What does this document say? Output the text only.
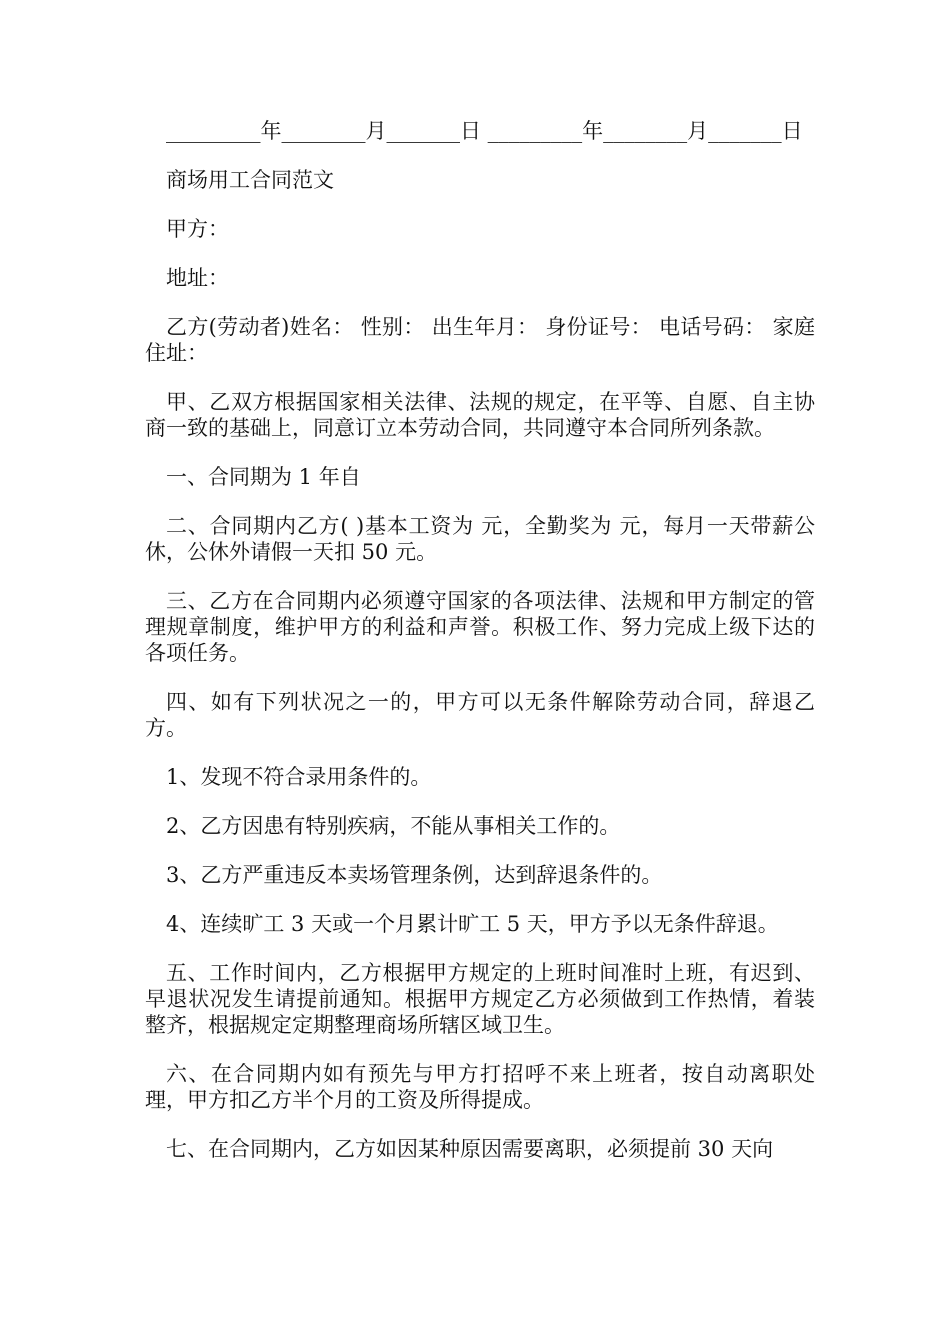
_________年________月_______日 _________年________月_______日

商场用工合同范文

甲方：

地址：

乙方(劳动者)姓名： 性别： 出生年月： 身份证号： 电话号码： 家庭住址：

甲、乙双方根据国家相关法律、法规的规定，在平等、自愿、自主协商一致的基础上，同意订立本劳动合同，共同遵守本合同所列条款。

一、合同期为 1 年自

二、合同期内乙方( )基本工资为 元，全勤奖为 元，每月一天带薪公休，公休外请假一天扣 50 元。

三、乙方在合同期内必须遵守国家的各项法律、法规和甲方制定的管理规章制度，维护甲方的利益和声誉。积极工作、努力完成上级下达的各项任务。

四、如有下列状况之一的，甲方可以无条件解除劳动合同，辞退乙方。

1、发现不符合录用条件的。

2、乙方因患有特别疾病，不能从事相关工作的。

3、乙方严重违反本卖场管理条例，达到辞退条件的。

4、连续旷工 3 天或一个月累计旷工 5 天，甲方予以无条件辞退。

五、工作时间内，乙方根据甲方规定的上班时间准时上班，有迟到、早退状况发生请提前通知。根据甲方规定乙方必须做到工作热情，着装整齐，根据规定定期整理商场所辖区域卫生。

六、在合同期内如有预先与甲方打招呼不来上班者，按自动离职处理，甲方扣乙方半个月的工资及所得提成。

七、在合同期内，乙方如因某种原因需要离职，必须提前 30 天向
